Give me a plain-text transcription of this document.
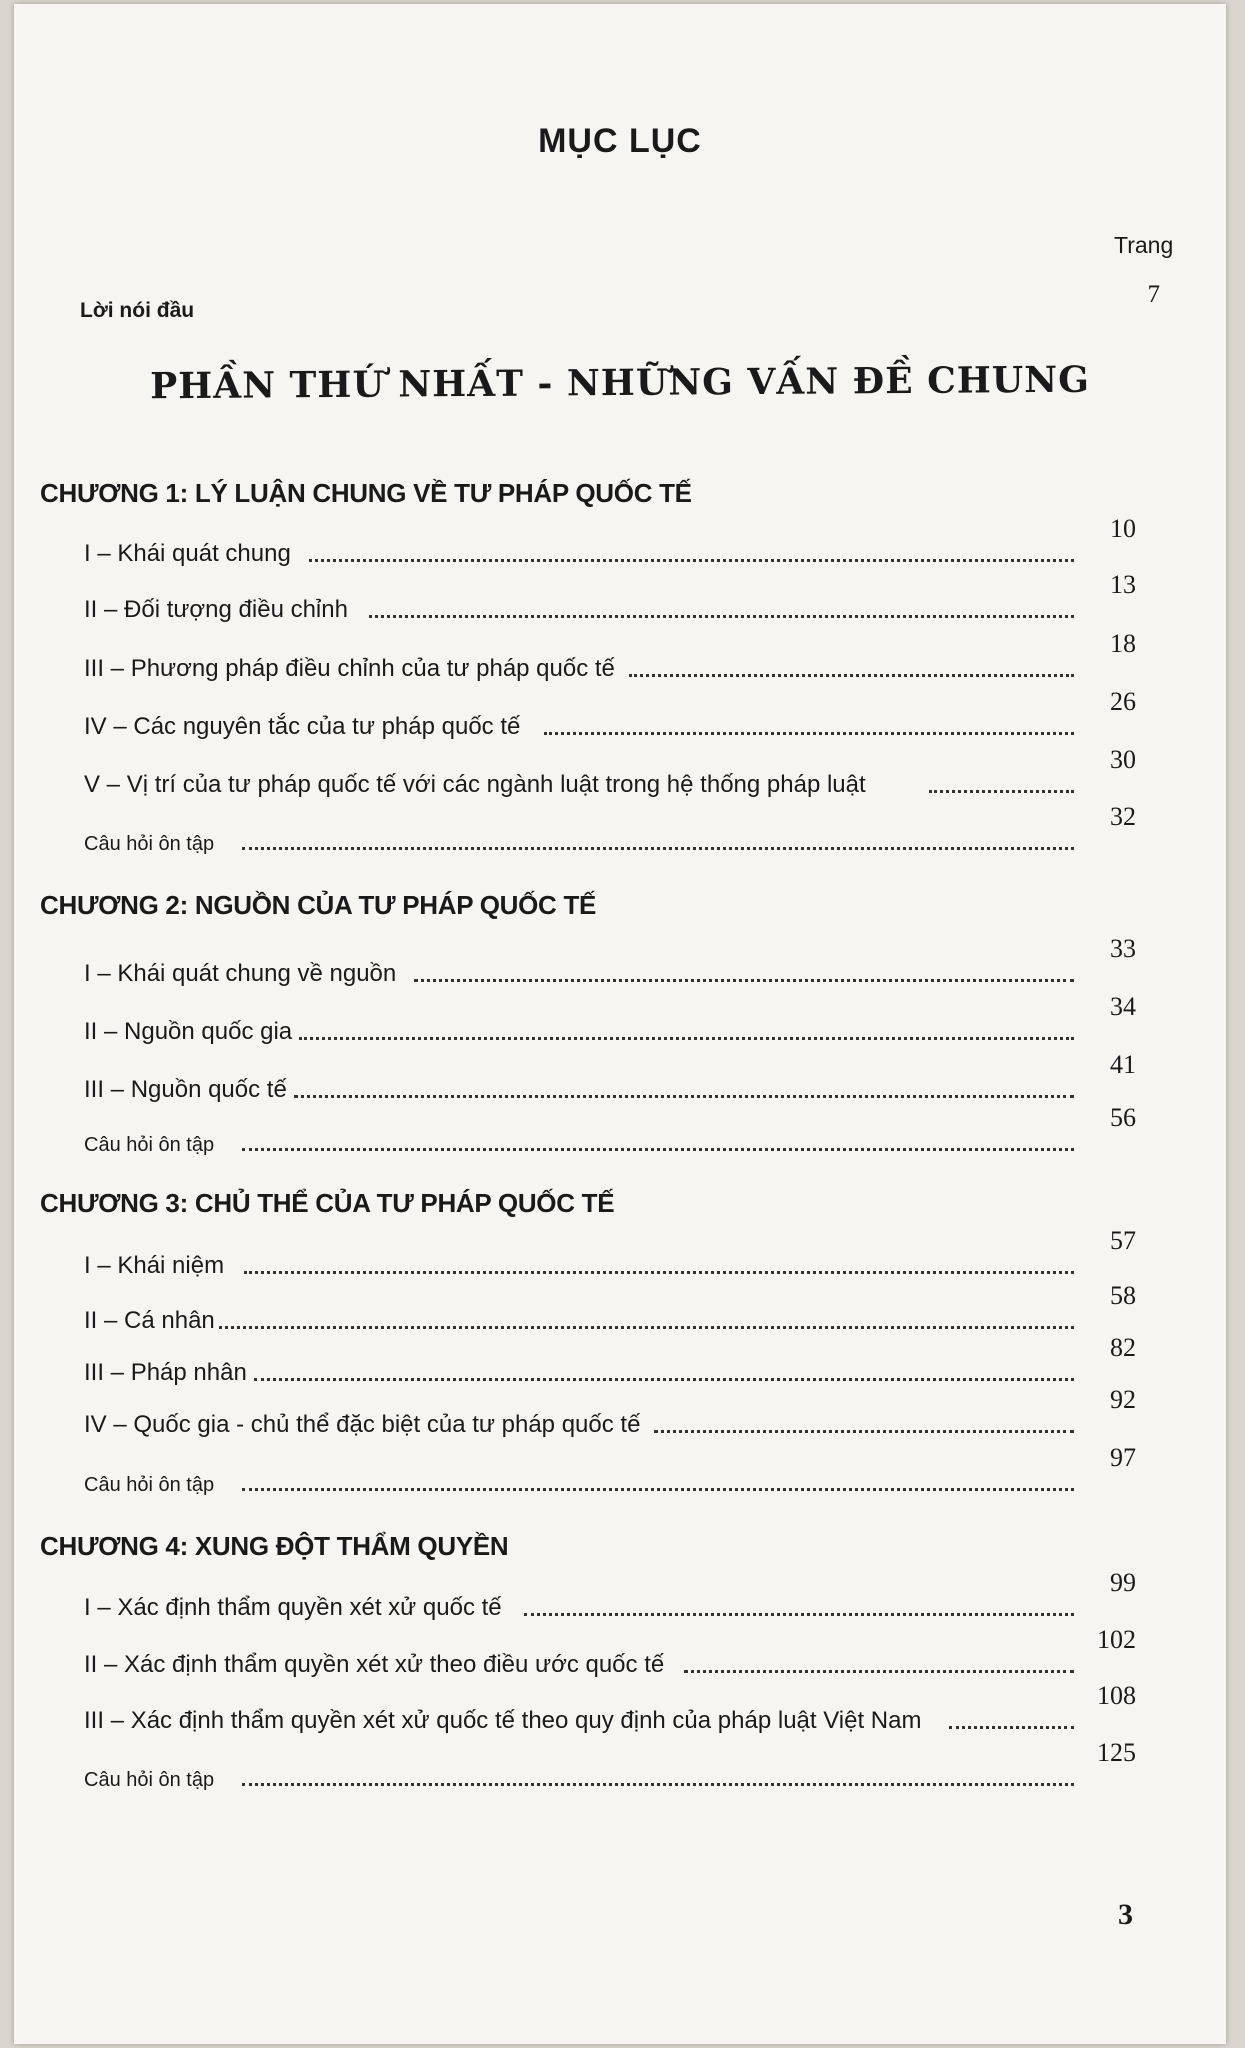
MỤC LỤC
Trang
Lời nói đầu
7
PHẦN THỨ NHẤT - NHỮNG VẤN ĐỀ CHUNG
CHƯƠNG 1: LÝ LUẬN CHUNG VỀ TƯ PHÁP QUỐC TẾ
I – Khái quát chung
10
II – Đối tượng điều chỉnh
13
III – Phương pháp điều chỉnh của tư pháp quốc tế
18
IV – Các nguyên tắc của tư pháp quốc tế
26
V – Vị trí của tư pháp quốc tế với các ngành luật trong hệ thống pháp luật
30
Câu hỏi ôn tập
32
CHƯƠNG 2: NGUỒN CỦA TƯ PHÁP QUỐC TẾ
I – Khái quát chung về nguồn
33
II – Nguồn quốc gia
34
III – Nguồn quốc tế
41
Câu hỏi ôn tập
56
CHƯƠNG 3: CHỦ THỂ CỦA TƯ PHÁP QUỐC TẾ
I – Khái niệm
57
II – Cá nhân
58
III – Pháp nhân
82
IV – Quốc gia - chủ thể đặc biệt của tư pháp quốc tế
92
Câu hỏi ôn tập
97
CHƯƠNG 4: XUNG ĐỘT THẨM QUYỀN
I – Xác định thẩm quyền xét xử quốc tế
99
II – Xác định thẩm quyền xét xử theo điều ước quốc tế
102
III – Xác định thẩm quyền xét xử quốc tế theo quy định của pháp luật Việt Nam
108
Câu hỏi ôn tập
125
3
